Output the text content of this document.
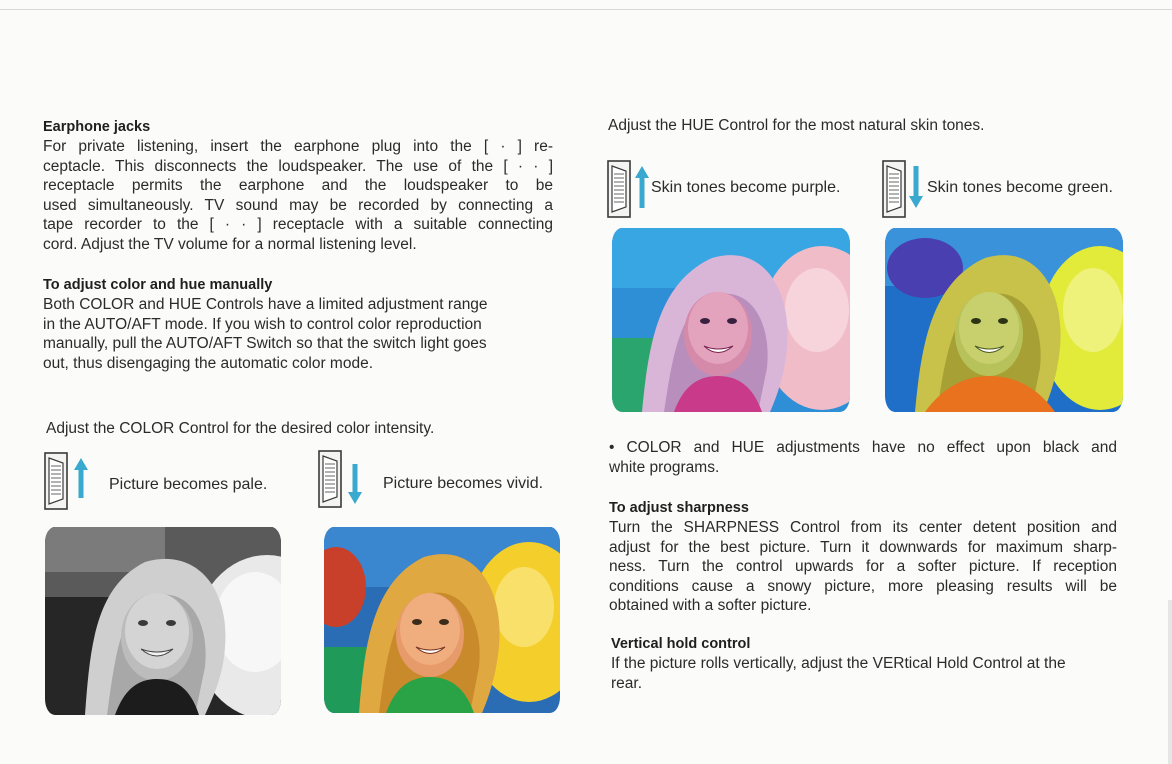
Earphone jacks

For private listening, insert the earphone plug into the [ · ] re-

ceptacle. This disconnects the loudspeaker. The use of the [ · · ]

receptacle permits the earphone and the loudspeaker to be

used simultaneously. TV sound may be recorded by connecting a

tape recorder to the [ · · ] receptacle with a suitable connecting

cord. Adjust the TV volume for a normal listening level.

To adjust color and hue manually

Both COLOR and HUE Controls have a limited adjustment range

in the AUTO/AFT mode. If you wish to control color reproduction

manually, pull the AUTO/AFT Switch so that the switch light goes

out, thus disengaging the automatic color mode.

Adjust the COLOR Control for the desired color intensity.

Picture becomes pale.	Picture becomes vivid.

Adjust the HUE Control for the most natural skin tones.

Skin tones become purple.	Skin tones become green.

• COLOR and HUE adjustments have no effect upon black and

white programs.

To adjust sharpness

Turn the SHARPNESS Control from its center detent position and

adjust for the best picture. Turn it downwards for maximum sharp-

ness. Turn the control upwards for a softer picture. If reception

conditions cause a snowy picture, more pleasing results will be

obtained with a softer picture.

Vertical hold control

If the picture rolls vertically, adjust the VERtical Hold Control at the

rear.
